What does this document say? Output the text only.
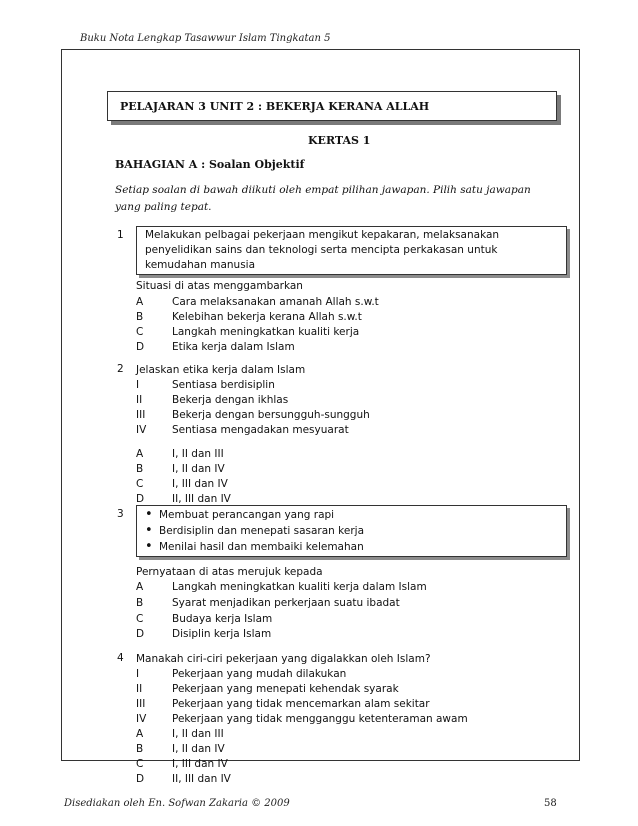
Buku Nota Lengkap Tasawwur Islam Tingkatan 5
PELAJARAN 3 UNIT 2 : BEKERJA KERANA ALLAH
KERTAS 1
BAHAGIAN A : Soalan Objektif
Setiap soalan di bawah diikuti oleh empat pilihan jawapan. Pilih satu jawapan yang paling tepat.
1	Melakukan pelbagai pekerjaan mengikut kepakaran, melaksanakan penyelidikan sains dan teknologi serta mencipta perkakasan untuk kemudahan manusia
Situasi di atas menggambarkan
A	Cara melaksanakan amanah Allah s.w.t
B	Kelebihan bekerja kerana Allah s.w.t
C	Langkah meningkatkan kualiti kerja
D	Etika kerja dalam Islam
2 Jelaskan etika kerja dalam Islam
I	Sentiasa berdisiplin
II	Bekerja dengan ikhlas
III	Bekerja dengan bersungguh-sungguh
IV Sentiasa mengadakan mesyuarat
A	I, II dan III
B	I, II dan IV
C	I, III dan IV
D	II, III dan IV
3
•	Membuat perancangan yang rapi
• Berdisiplin dan menepati sasaran kerja
• Menilai hasil dan membaiki kelemahan
Pernyataan di atas merujuk kepada
A	Langkah meningkatkan kualiti kerja dalam Islam
B	Syarat menjadikan perkerjaan suatu ibadat
C	Budaya kerja Islam
D	Disiplin kerja Islam
4 Manakah ciri-ciri pekerjaan yang digalakkan oleh Islam?
I	Pekerjaan yang mudah dilakukan
II	Pekerjaan yang menepati kehendak syarak
III	Pekerjaan yang tidak mencemarkan alam sekitar
IV Pekerjaan yang tidak mengganggu ketenteraman awam
A	I, II dan III
B	I, II dan IV
C	I, III dan IV
D	II, III dan IV
Disediakan oleh En. Sofwan Zakaria © 2009	58
